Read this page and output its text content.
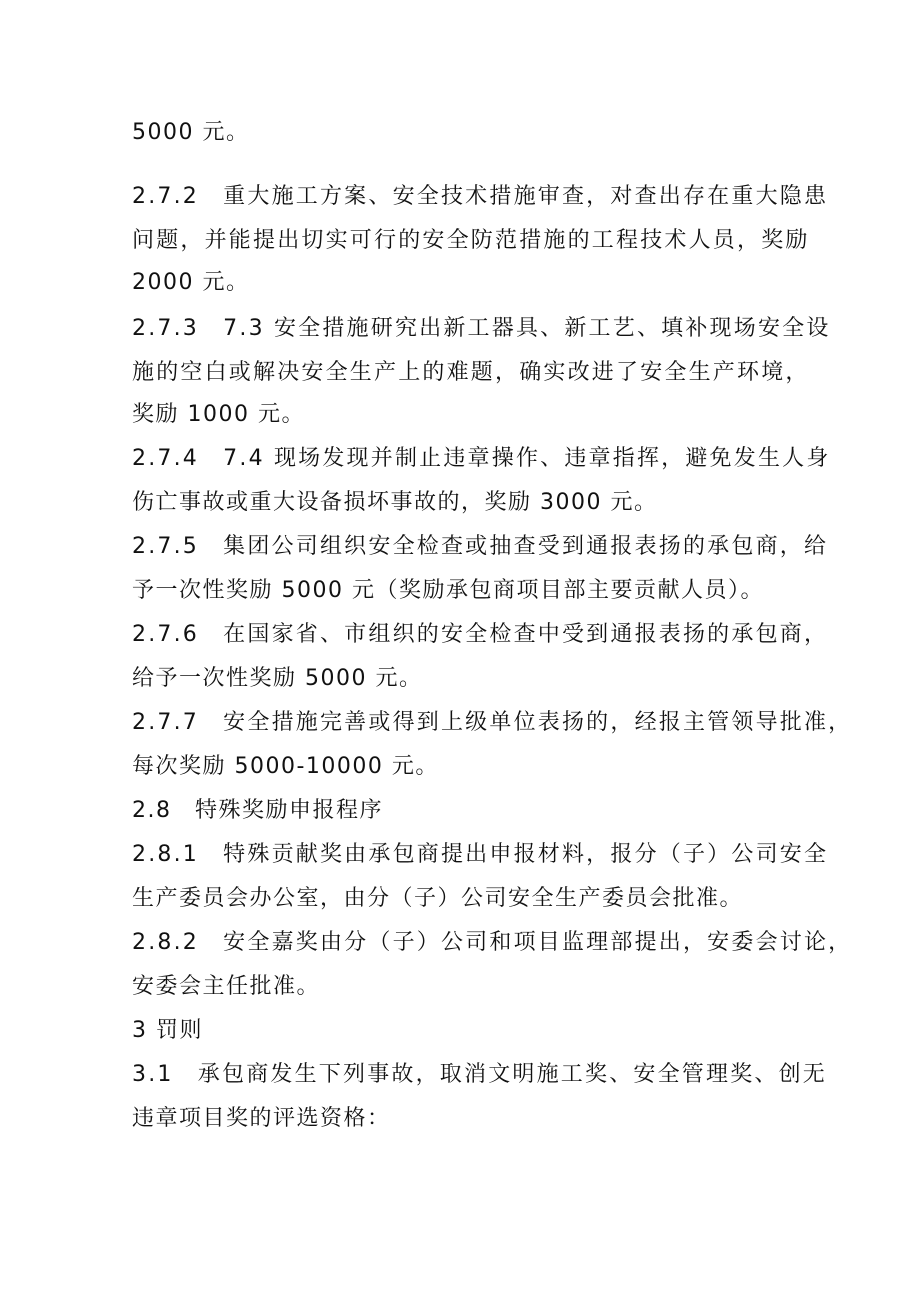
5000 元。
2.7.2　重大施工方案、安全技术措施审查，对查出存在重大隐患
问题，并能提出切实可行的安全防范措施的工程技术人员，奖励
2000 元。
2.7.3　7.3 安全措施研究出新工器具、新工艺、填补现场安全设
施的空白或解决安全生产上的难题，确实改进了安全生产环境，
奖励 1000 元。
2.7.4　7.4 现场发现并制止违章操作、违章指挥，避免发生人身
伤亡事故或重大设备损坏事故的，奖励 3000 元。
2.7.5　集团公司组织安全检查或抽查受到通报表扬的承包商，给
予一次性奖励 5000 元（奖励承包商项目部主要贡献人员）。
2.7.6　在国家省、市组织的安全检查中受到通报表扬的承包商，
给予一次性奖励 5000 元。
2.7.7　安全措施完善或得到上级单位表扬的，经报主管领导批准，
每次奖励 5000-10000 元。
2.8　特殊奖励申报程序
2.8.1　特殊贡献奖由承包商提出申报材料，报分（子）公司安全
生产委员会办公室，由分（子）公司安全生产委员会批准。
2.8.2　安全嘉奖由分（子）公司和项目监理部提出，安委会讨论，
安委会主任批准。
3 罚则
3.1　承包商发生下列事故，取消文明施工奖、安全管理奖、创无
违章项目奖的评选资格：
